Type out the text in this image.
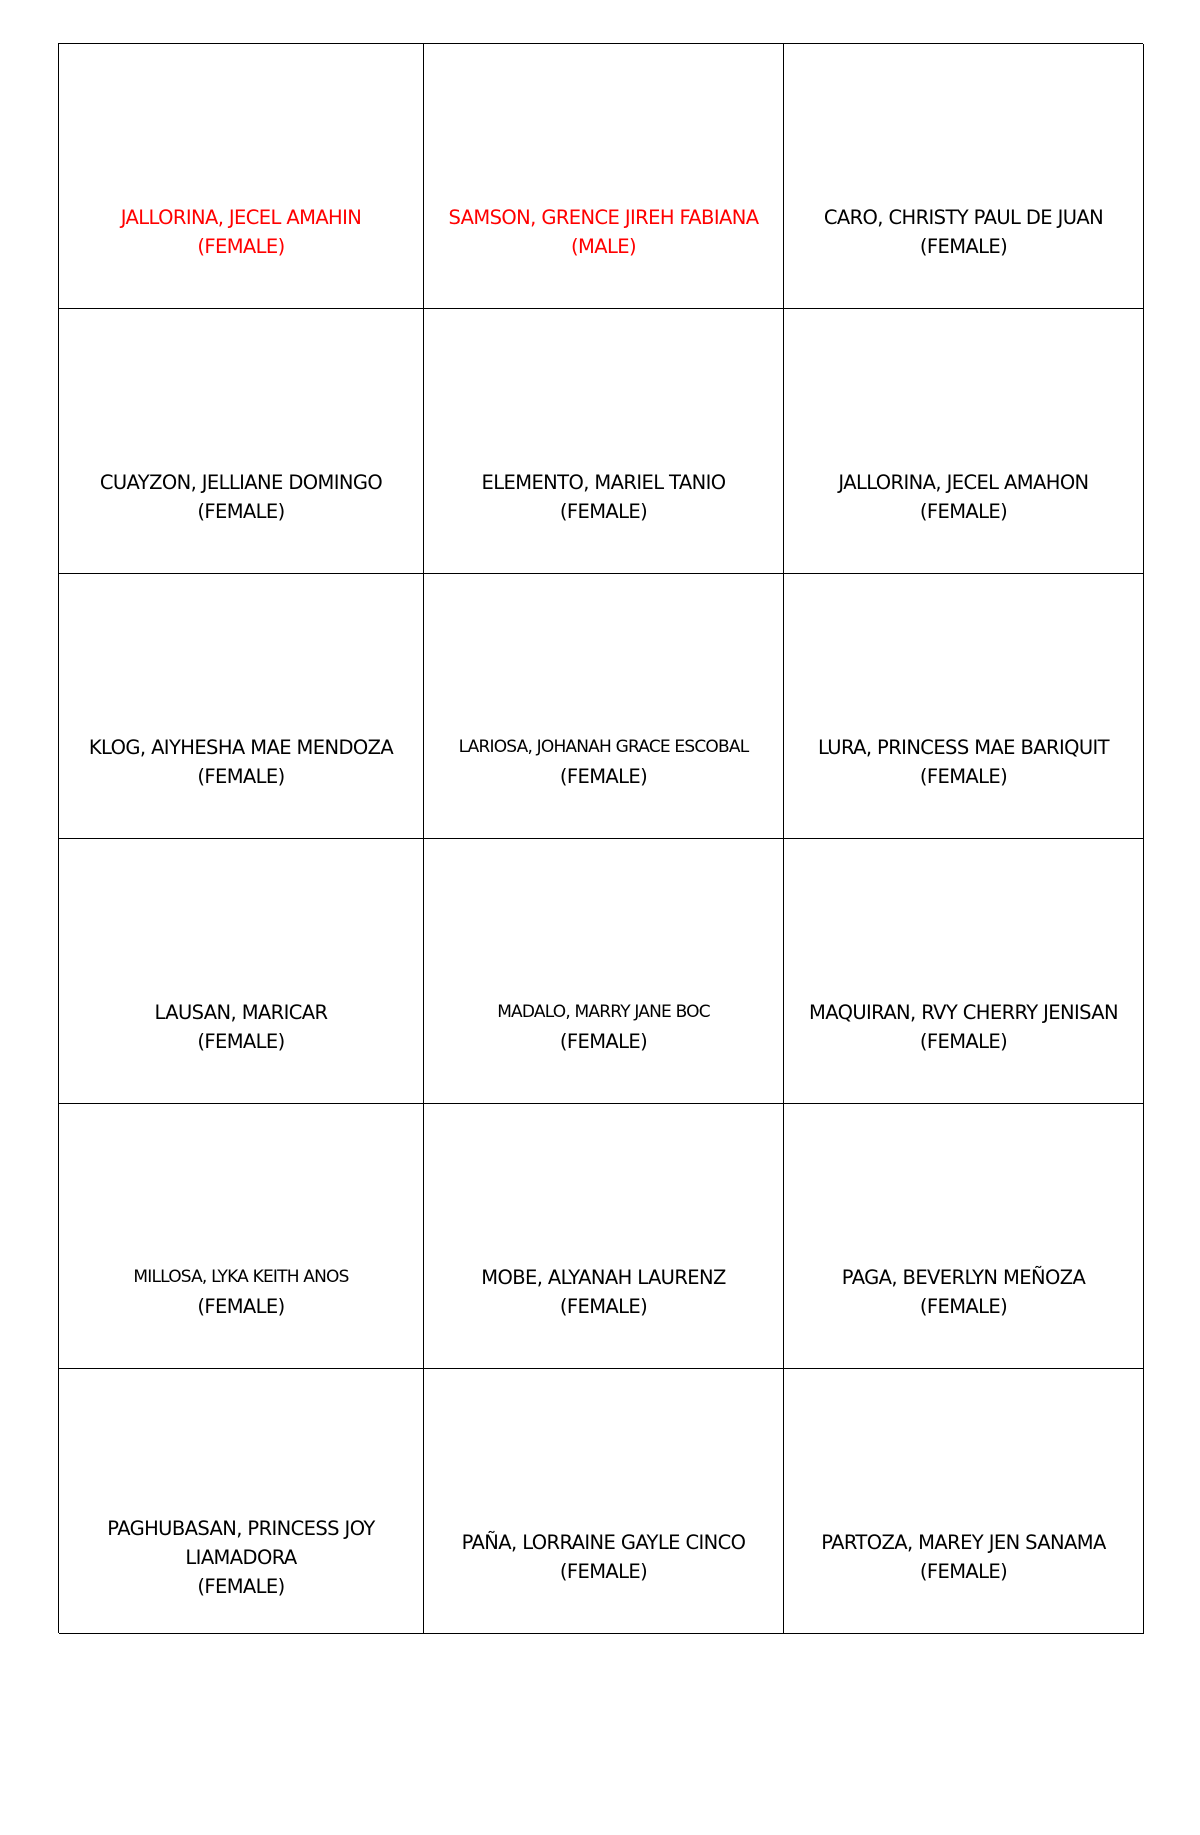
JALLORINA, JECEL AMAHIN
(FEMALE)
SAMSON, GRENCE JIREH FABIANA
(MALE)
CARO, CHRISTY PAUL DE JUAN
(FEMALE)
CUAYZON, JELLIANE DOMINGO
(FEMALE)
ELEMENTO, MARIEL TANIO
(FEMALE)
JALLORINA, JECEL AMAHON
(FEMALE)
KLOG, AIYHESHA MAE MENDOZA
(FEMALE)
LARIOSA, JOHANAH GRACE ESCOBAL
(FEMALE)
LURA, PRINCESS MAE BARIQUIT
(FEMALE)
LAUSAN, MARICAR
(FEMALE)
MADALO, MARRY JANE BOC
(FEMALE)
MAQUIRAN, RVY CHERRY JENISAN
(FEMALE)
MILLOSA, LYKA KEITH ANOS
(FEMALE)
MOBE, ALYANAH LAURENZ
(FEMALE)
PAGA, BEVERLYN MEÑOZA
(FEMALE)
PAGHUBASAN, PRINCESS JOY LIAMADORA
(FEMALE)
PAÑA, LORRAINE GAYLE CINCO
(FEMALE)
PARTOZA, MAREY JEN SANAMA
(FEMALE)
